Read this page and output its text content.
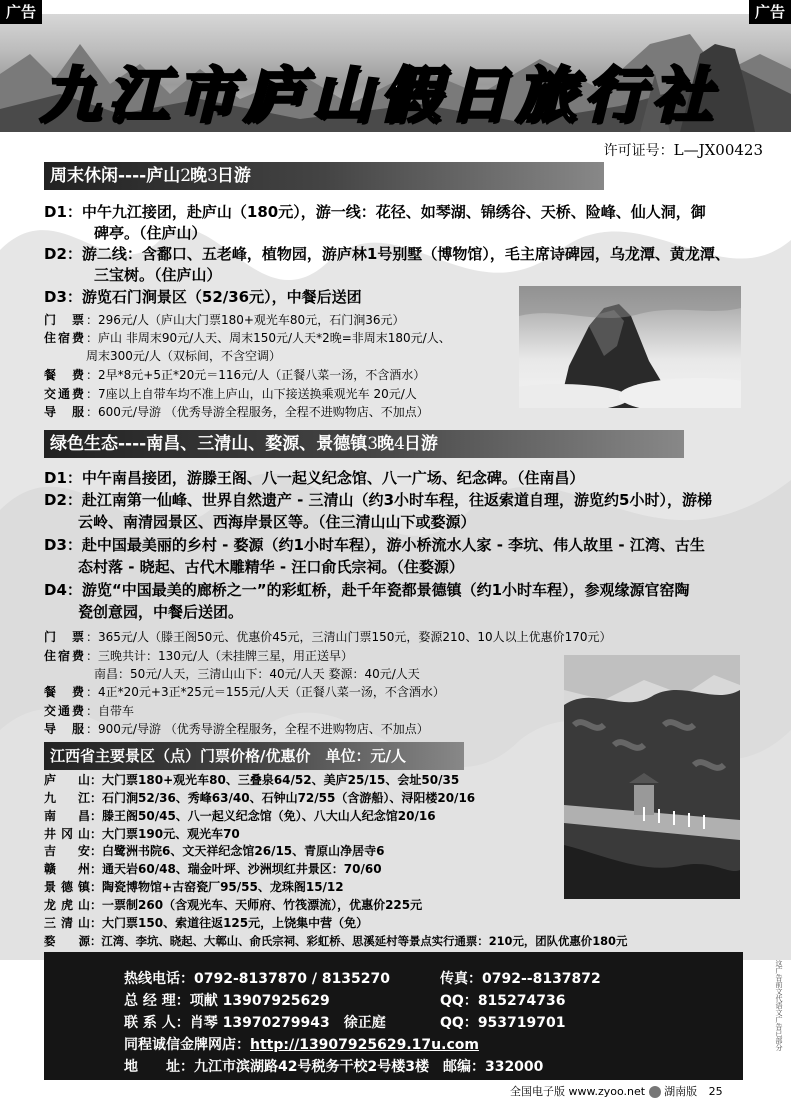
广告	广告
九江市庐山假日旅行社
许可证号：L—JX00423
周末休闲----庐山2晚3日游
D1：中午九江接团，赴庐山（180元），游一线：花径、如琴湖、锦绣谷、天桥、险峰、仙人洞，御
碑亭。（住庐山）
D2：游二线：含鄱口、五老峰，植物园，游庐林1号别墅（博物馆），毛主席诗碑园，乌龙潭、黄龙潭、
三宝树。（住庐山）
D3：游览石门涧景区（52/36元），中餐后送团
门　票 ：296元/人（庐山大门票180+观光车80元，石门涧36元）
住宿费 ：庐山 非周末90元/人天、周末150元/人天*2晚=非周末180元/人、
周末300元/人（双标间，不含空调）
餐　费 ：2早*8元+5正*20元＝116元/人（正餐八菜一汤，不含酒水）
交通费 ：7座以上自带车均不准上庐山，山下接送换乘观光车 20元/人
导　服 ：600元/导游 （优秀导游全程服务，全程不进购物店、不加点）
绿色生态----南昌、三清山、婺源、景德镇3晚4日游
D1：中午南昌接团，游滕王阁、八一起义纪念馆、八一广场、纪念碑。（住南昌）
D2：赴江南第一仙峰、世界自然遗产 - 三清山（约3小时车程，往返索道自理，游览约5小时），游梯
云岭、南清园景区、西海岸景区等。（住三清山山下或婺源）
D3：赴中国最美丽的乡村 - 婺源（约1小时车程），游小桥流水人家 - 李坑、伟人故里 - 江湾、古生
态村落 - 晓起、古代木雕精华 - 汪口俞氏宗祠。（住婺源）
D4：游览“中国最美的廊桥之一”的彩虹桥，赴千年瓷都景德镇（约1小时车程），参观缘源官窑陶
瓷创意园，中餐后送团。
门　票 ：365元/人（滕王阁50元、优惠价45元，三清山门票150元，婺源210、10人以上优惠价170元）
住宿费 ：三晚共计：130元/人（未挂牌三星，用正送早）
南昌：50元/人天，三清山山下：40元/人天 婺源：40元/人天
餐　费 ：4正*20元+3正*25元＝155元/人天（正餐八菜一汤，不含酒水）
交通费 ：自带车
导　服 ：900元/导游 （优秀导游全程服务，全程不进购物店、不加点）
江西省主要景区（点）门票价格/优惠价　单位：元/人
庐　山：大门票180+观光车80、三叠泉64/52、美庐25/15、会址50/35
九　江：石门涧52/36、秀峰63/40、石钟山72/55（含游船）、浔阳楼20/16
南　昌：滕王阁50/45、八一起义纪念馆（免）、八大山人纪念馆20/16
井冈山：大门票190元、观光车70
吉　安：白鹭洲书院6、文天祥纪念馆26/15、青原山净居寺6
赣　州：通天岩60/48、瑞金叶坪、沙洲坝红井景区：70/60
景德镇：陶瓷博物馆+古窑瓷厂95/55、龙珠阁15/12
龙虎山：一票制260（含观光车、天师府、竹筏漂流），优惠价225元
三清山：大门票150、索道往返125元，上饶集中营（免）
婺　源：江湾、李坑、晓起、大鄣山、俞氏宗祠、彩虹桥、思溪延村等景点实行通票：210元，团队优惠价180元
热线电话：0792-8137870 / 8135270	传真：0792--8137872
总 经 理：项献 13907925629	QQ：815274736
联 系 人：肖琴 13970279943　徐正庭	QQ：953719701
同程诚信金牌网店：http://13907925629.17u.com
地　　址：九江市滨湖路42号税务干校2号楼3楼　邮编：332000
全国电子版 www.zyoo.net 湖南版 25
这广告前文代语文广告已部分
